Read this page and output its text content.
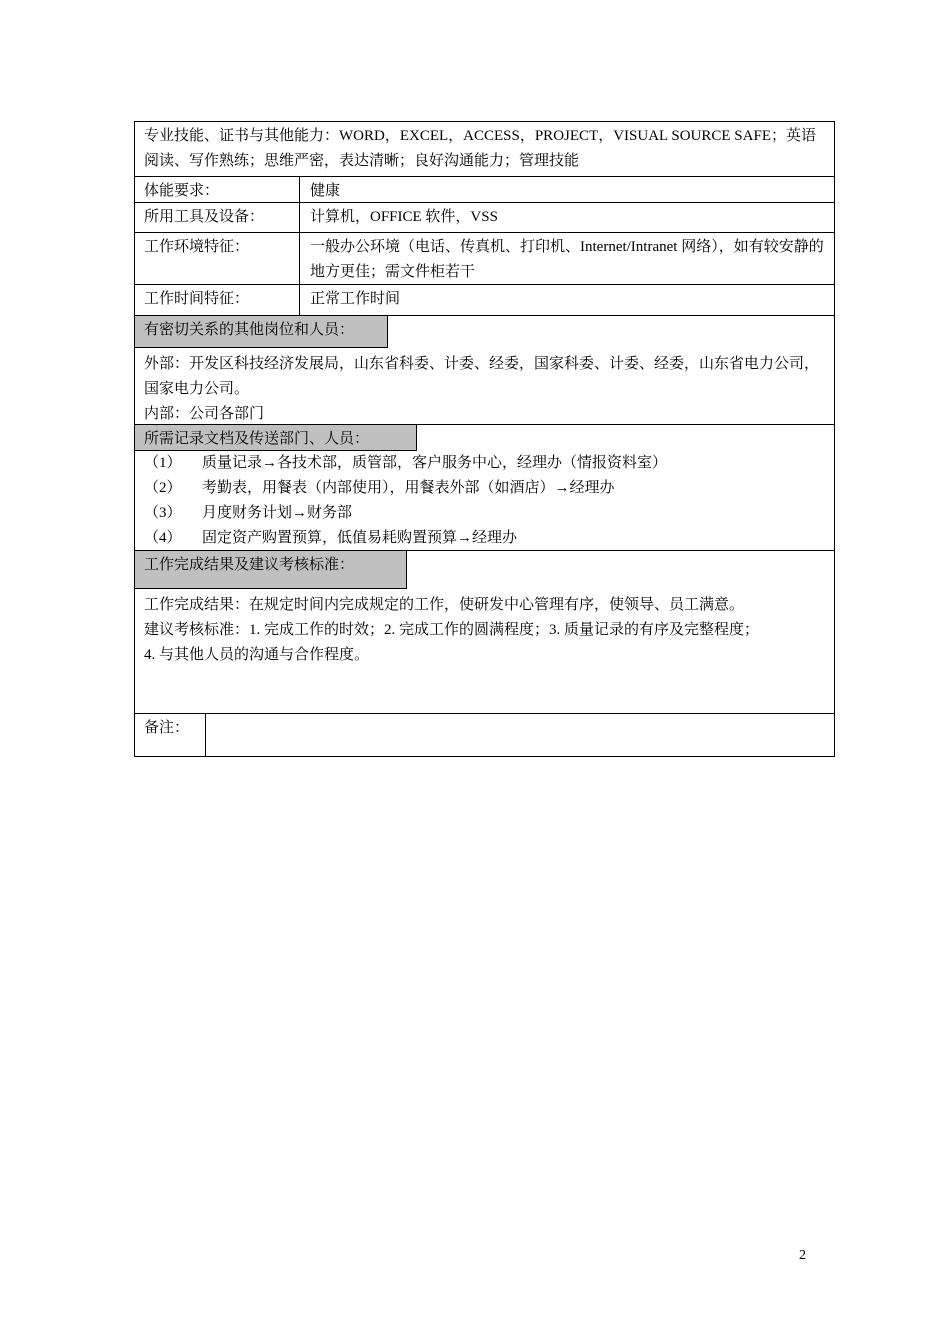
专业技能、证书与其他能力：WORD，EXCEL，ACCESS，PROJECT，VISUAL SOURCE SAFE；英语阅读、写作熟练；思维严密，表达清晰；良好沟通能力；管理技能
体能要求：	健康
所用工具及设备：	计算机，OFFICE 软件，VSS
工作环境特征：	一般办公环境（电话、传真机、打印机、Internet/Intranet 网络），如有较安静的地方更佳；需文件柜若干
工作时间特征：	正常工作时间
有密切关系的其他岗位和人员：
外部：开发区科技经济发展局，山东省科委、计委、经委，国家科委、计委、经委，山东省电力公司，国家电力公司。
内部：公司各部门
所需记录文档及传送部门、人员：
（1）	质量记录→各技术部，质管部，客户服务中心，经理办（情报资料室）
（2）	考勤表，用餐表（内部使用），用餐表外部（如酒店）→经理办
（3）	月度财务计划→财务部
（4）	固定资产购置预算，低值易耗购置预算→经理办
工作完成结果及建议考核标准：
工作完成结果：在规定时间内完成规定的工作，使研发中心管理有序，使领导、员工满意。
建议考核标准：1. 完成工作的时效；2. 完成工作的圆满程度；3. 质量记录的有序及完整程度；
4. 与其他人员的沟通与合作程度。
备注：
2
